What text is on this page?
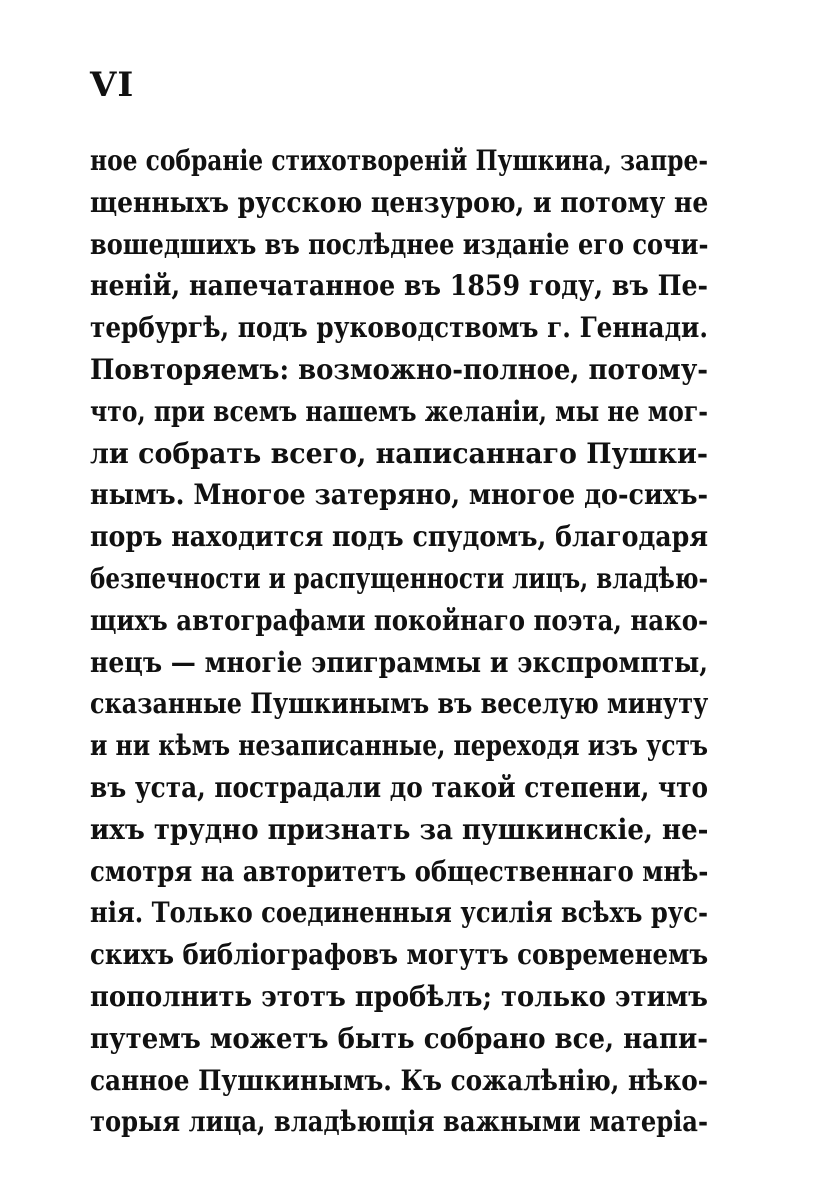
VI
ное собраніе стихотвореній Пушкина, запре-
щенныхъ русскою цензурою, и потому не
вошедшихъ въ послѣднее изданіе его сочи-
неній, напечатанное въ 1859 году, въ Пе-
тербургѣ, подъ руководствомъ г. Геннади.
Повторяемъ: возможно-полное, потому-
что, при всемъ нашемъ желаніи, мы не мог-
ли собрать всего, написаннаго Пушки-
нымъ. Многое затеряно, многое до-сихъ-
поръ находится подъ спудомъ, благодаря
безпечности и распущенности лицъ, владѣю-
щихъ автографами покойнаго поэта, нако-
нецъ — многіе эпиграммы и экспромпты,
сказанные Пушкинымъ въ веселую минуту
и ни кѣмъ незаписанные, переходя изъ устъ
въ уста, пострадали до такой степени, что
ихъ трудно признать за пушкинскіе, не-
смотря на авторитетъ общественнаго мнѣ-
нія. Только соединенныя усилія всѣхъ рус-
скихъ библіографовъ могутъ современемъ
пополнить этотъ пробѣлъ; только этимъ
путемъ можетъ быть собрано все, напи-
санное Пушкинымъ. Къ сожалѣнію, нѣко-
торыя лица, владѣющія важными матеріа-
